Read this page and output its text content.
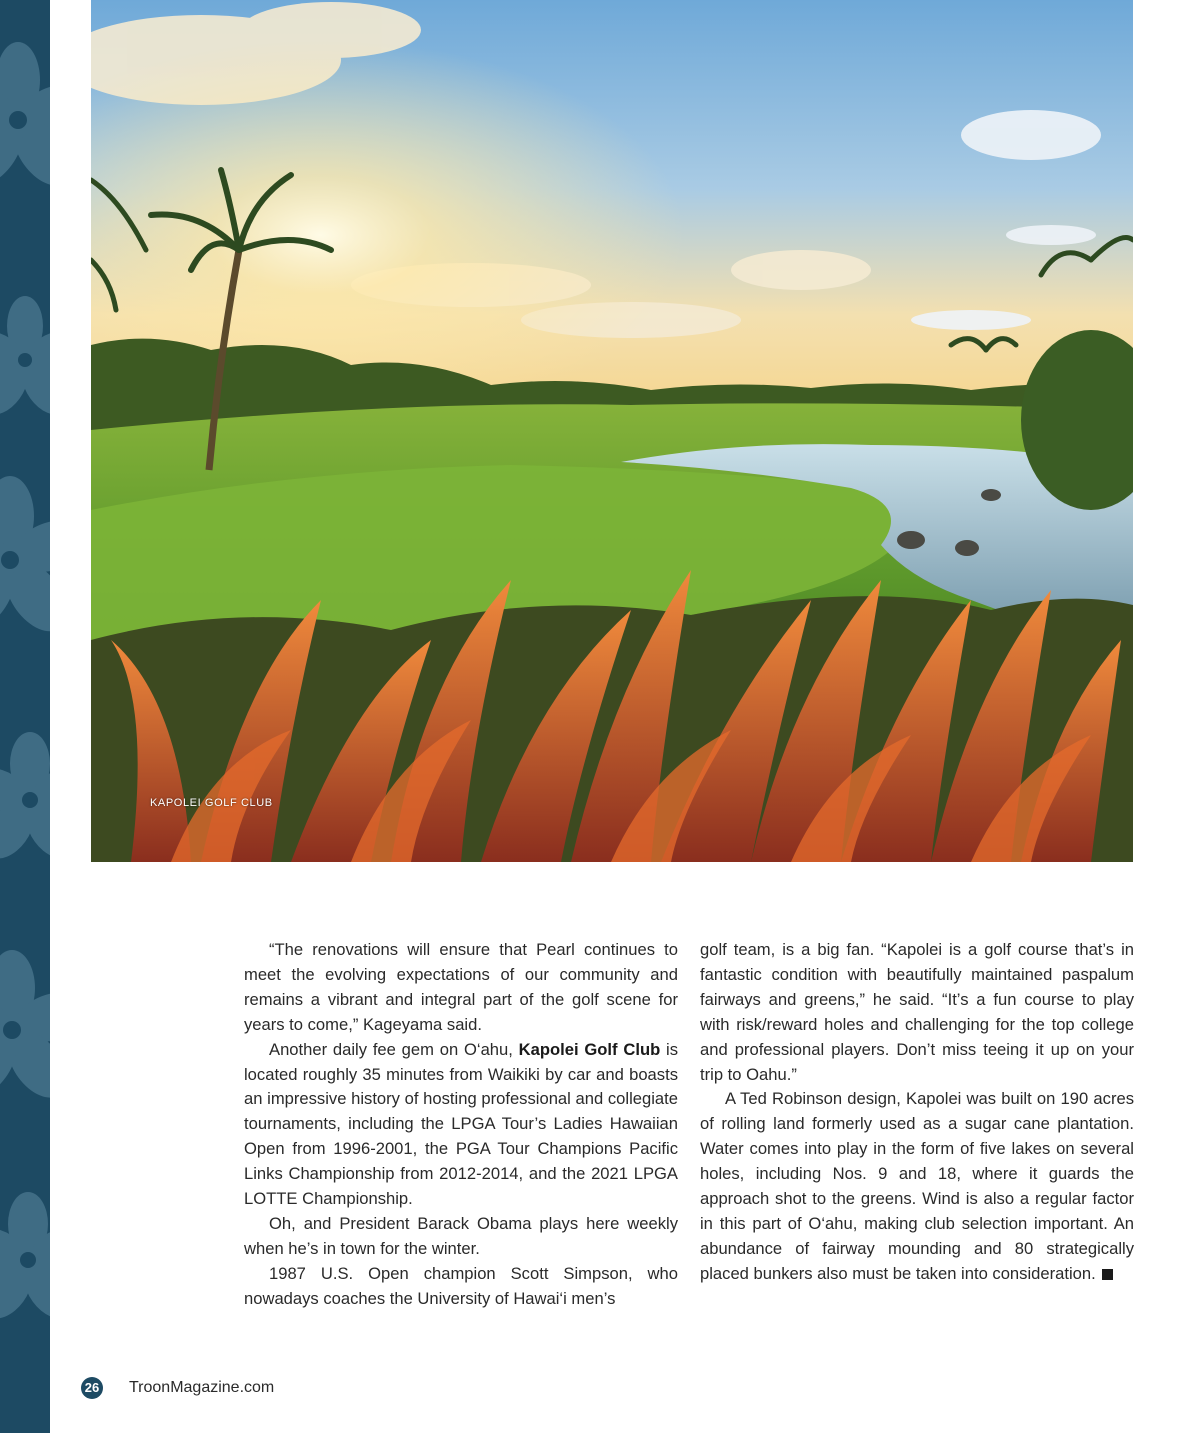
KAPOLEI GOLF CLUB

“The renovations will ensure that Pearl continues to meet the evolving expectations of our community and remains a vibrant and integral part of the golf scene for years to come,” Kageyama said.

Another daily fee gem on O‘ahu, Kapolei Golf Club is located roughly 35 minutes from Waikiki by car and boasts an impressive history of hosting professional and collegiate tournaments, including the LPGA Tour’s Ladies Hawaiian Open from 1996-2001, the PGA Tour Champions Pacific Links Championship from 2012-2014, and the 2021 LPGA LOTTE Championship.

Oh, and President Barack Obama plays here weekly when he’s in town for the winter.

1987 U.S. Open champion Scott Simpson, who nowadays coaches the University of Hawai‘i men’s

golf team, is a big fan. “Kapolei is a golf course that’s in fantastic condition with beautifully maintained paspalum fairways and greens,” he said. “It’s a fun course to play with risk/reward holes and challenging for the top college and professional players. Don’t miss teeing it up on your trip to Oahu.”

A Ted Robinson design, Kapolei was built on 190 acres of rolling land formerly used as a sugar cane plantation. Water comes into play in the form of five lakes on several holes, including Nos. 9 and 18, where it guards the approach shot to the greens. Wind is also a regular factor in this part of O‘ahu, making club selection important. An abundance of fairway mounding and 80 strategically placed bunkers also must be taken into consideration.

26 TroonMagazine.com
